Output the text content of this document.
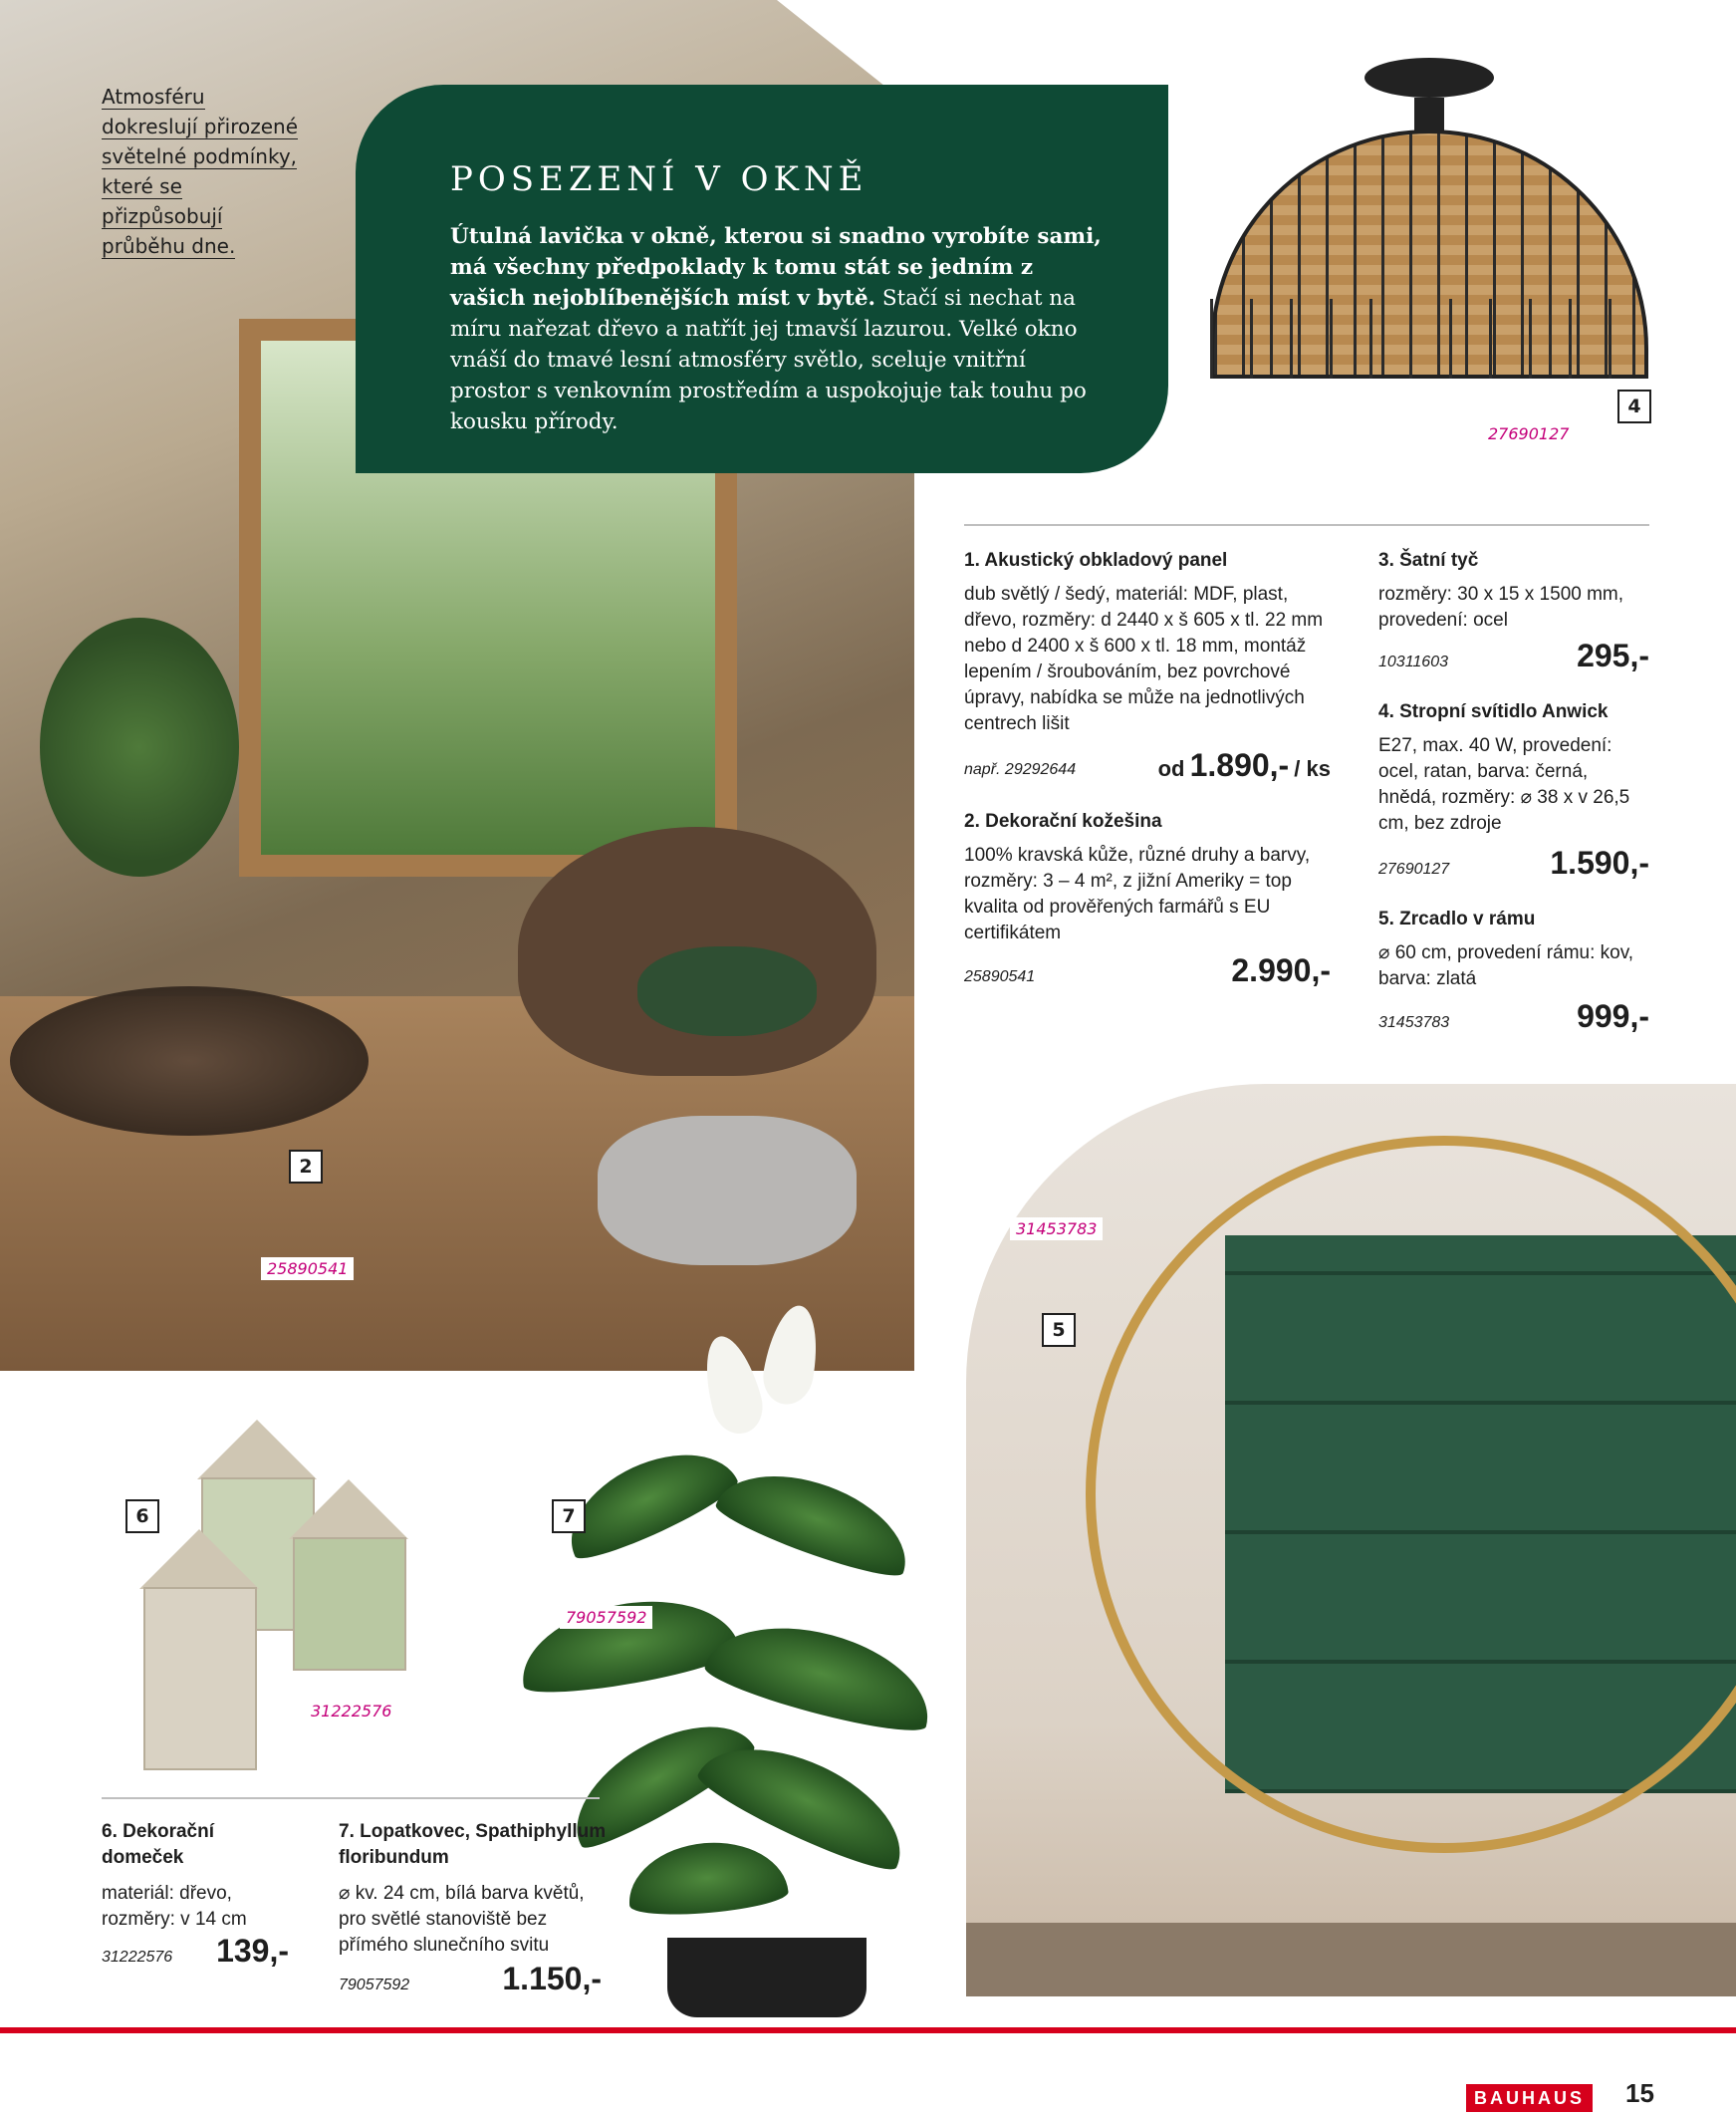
Atmosféru dokreslují přirozené světelné podmínky, které se přizpůsobují průběhu dne.
POSEZENÍ V OKNĚ
Útulná lavička v okně, kterou si snadno vyrobíte sami, má všechny předpoklady k tomu stát se jedním z vašich nejoblíbenějších míst v bytě. Stačí si nechat na míru nařezat dřevo a natřít jej tmavší lazurou. Velké okno vnáší do tmavé lesní atmosféry světlo, sceluje vnitřní prostor s venkovním prostředím a uspokojuje tak touhu po kousku přírody.
2
25890541
4
27690127
5
31453783
6
31222576
7
79057592
1. Akustický obkladový panel
dub světlý / šedý, materiál: MDF, plast, dřevo, rozměry: d 2440 x š 605 x tl. 22 mm nebo d 2400 x š 600 x tl. 18 mm, montáž lepením / šroubováním, bez povrchové úpravy, nabídka se může na jednotlivých centrech lišit
např. 29292644	od 1.890,- / ks
2. Dekorační kožešina
100% kravská kůže, různé druhy a barvy, rozměry: 3 – 4 m², z jižní Ameriky = top kvalita od prověřených farmářů s EU certifikátem
25890541	2.990,-
3. Šatní tyč
rozměry: 30 x 15 x 1500 mm, provedení: ocel
10311603	295,-
4. Stropní svítidlo Anwick
E27, max. 40 W, provedení: ocel, ratan, barva: černá, hnědá, rozměry: ⌀ 38 x v 26,5 cm, bez zdroje
27690127	1.590,-
5. Zrcadlo v rámu
⌀ 60 cm, provedení rámu: kov, barva: zlatá
31453783	999,-
6. Dekorační domeček
materiál: dřevo, rozměry: v 14 cm
31222576	139,-
7. Lopatkovec, Spathiphyllum floribundum
⌀ kv. 24 cm, bílá barva květů, pro světlé stanoviště bez přímého slunečního svitu
79057592	1.150,-
BAUHAUS	15
